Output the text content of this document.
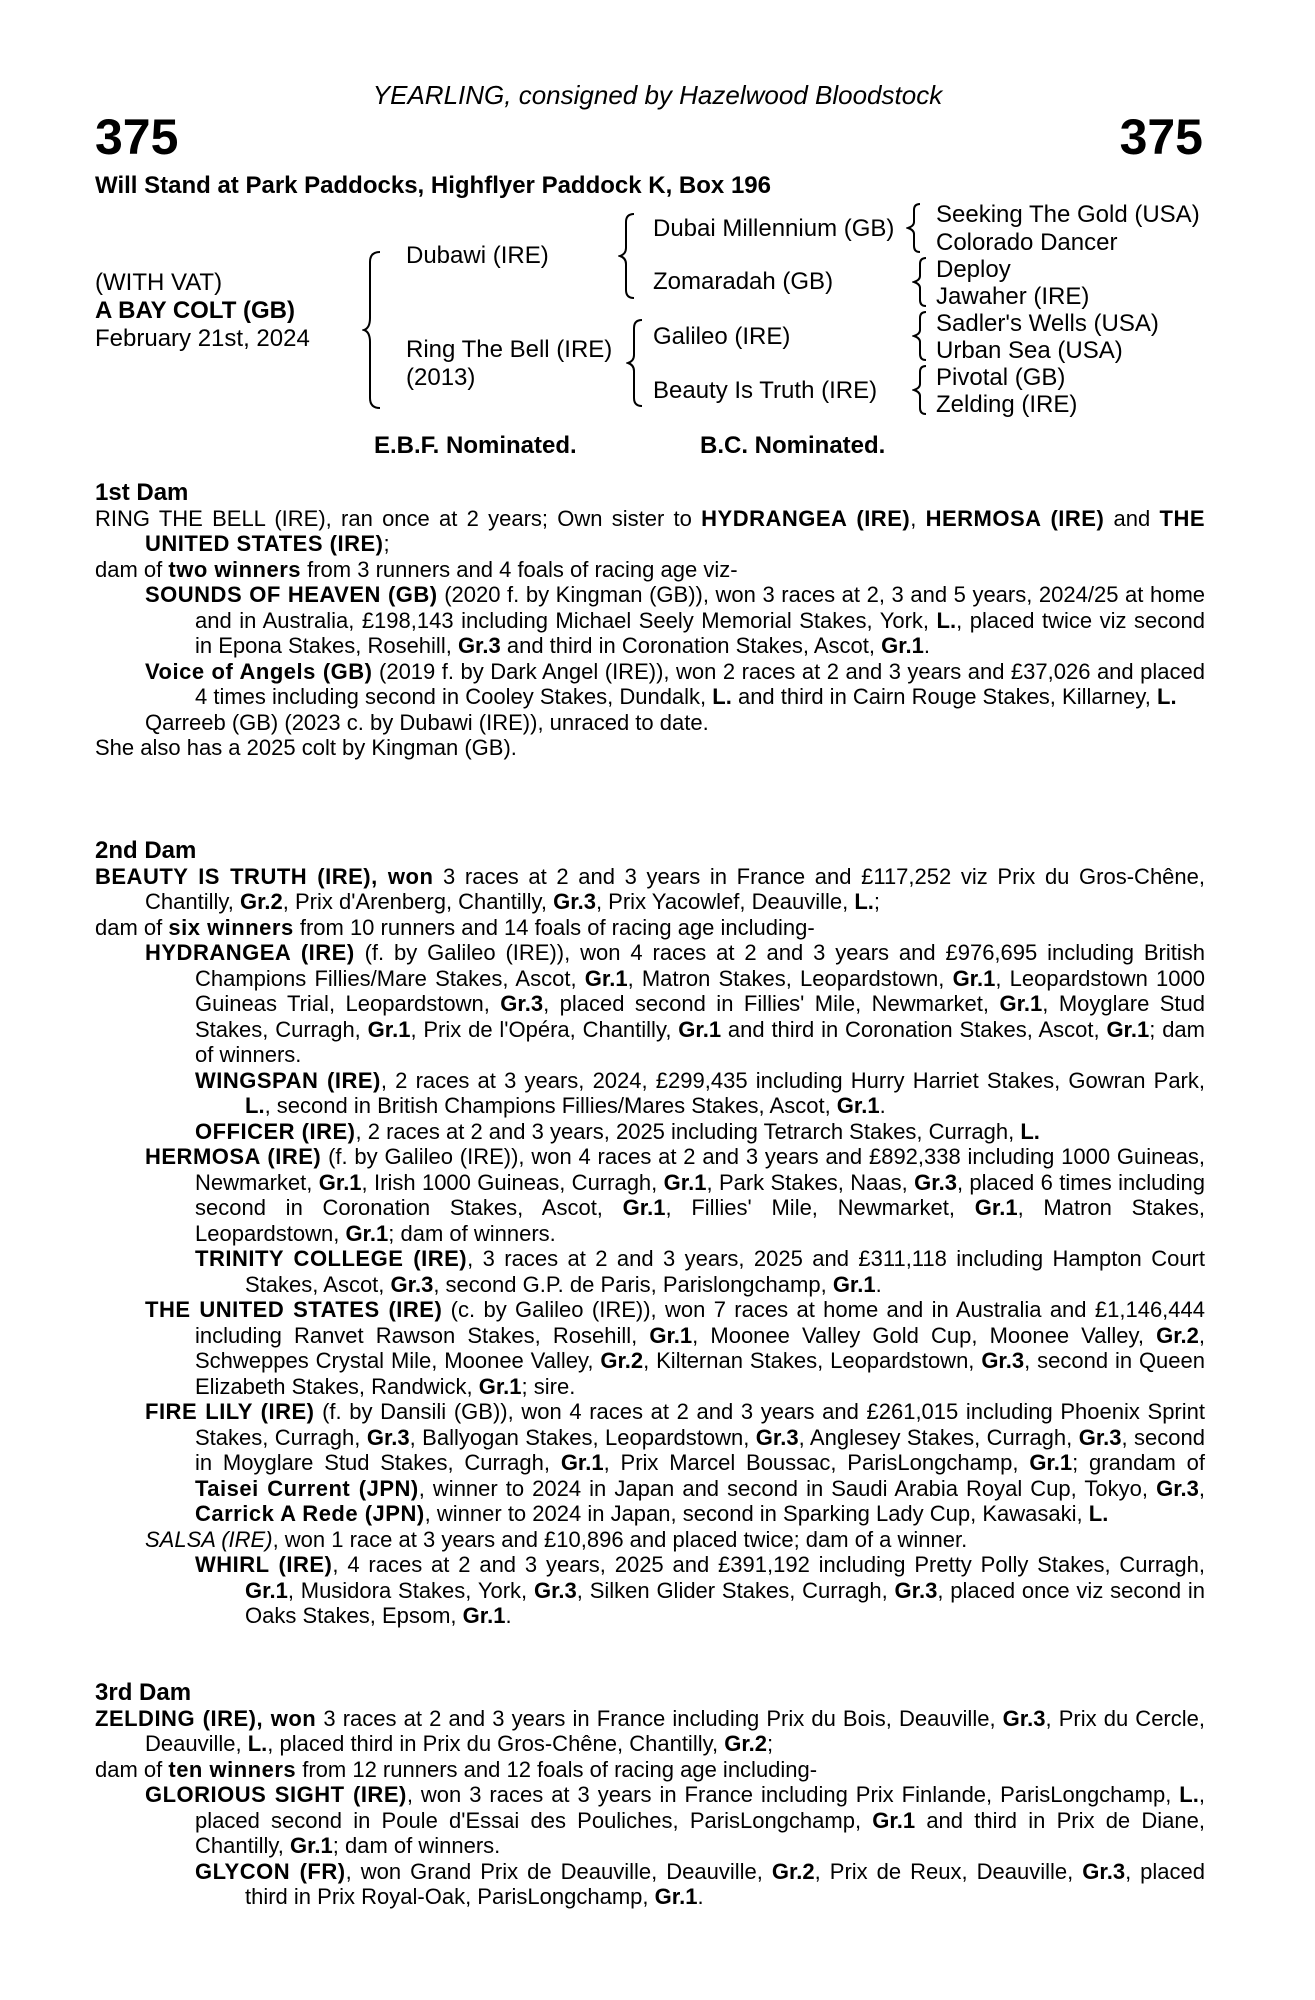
YEARLING, consigned by Hazelwood Bloodstock
375	375
Will Stand at Park Paddocks, Highflyer Paddock K, Box 196
(WITH VAT)
A BAY COLT (GB)
February 21st, 2024
Dubawi (IRE)
Ring The Bell (IRE)
(2013)
Dubai Millennium (GB)
Zomaradah (GB)
Galileo (IRE)
Beauty Is Truth (IRE)
Seeking The Gold (USA)
Colorado Dancer
Deploy
Jawaher (IRE)
Sadler's Wells (USA)
Urban Sea (USA)
Pivotal (GB)
Zelding (IRE)
E.B.F. Nominated.	B.C. Nominated.

1st Dam

RING THE BELL (IRE), ran once at 2 years; Own sister to HYDRANGEA (IRE), HERMOSA (IRE) and THE UNITED STATES (IRE);

dam of two winners from 3 runners and 4 foals of racing age viz-

SOUNDS OF HEAVEN (GB) (2020 f. by Kingman (GB)), won 3 races at 2, 3 and 5 years, 2024/25 at home and in Australia, £198,143 including Michael Seely Memorial Stakes, York, L., placed twice viz second in Epona Stakes, Rosehill, Gr.3 and third in Coronation Stakes, Ascot, Gr.1.

Voice of Angels (GB) (2019 f. by Dark Angel (IRE)), won 2 races at 2 and 3 years and £37,026 and placed 4 times including second in Cooley Stakes, Dundalk, L. and third in Cairn Rouge Stakes, Killarney, L.

Qarreeb (GB) (2023 c. by Dubawi (IRE)), unraced to date.

She also has a 2025 colt by Kingman (GB).

2nd Dam

BEAUTY IS TRUTH (IRE), won 3 races at 2 and 3 years in France and £117,252 viz Prix du Gros-Chêne, Chantilly, Gr.2, Prix d'Arenberg, Chantilly, Gr.3, Prix Yacowlef, Deauville, L.;

dam of six winners from 10 runners and 14 foals of racing age including-

HYDRANGEA (IRE) (f. by Galileo (IRE)), won 4 races at 2 and 3 years and £976,695 including British Champions Fillies/Mare Stakes, Ascot, Gr.1, Matron Stakes, Leopardstown, Gr.1, Leopardstown 1000 Guineas Trial, Leopardstown, Gr.3, placed second in Fillies' Mile, Newmarket, Gr.1, Moyglare Stud Stakes, Curragh, Gr.1, Prix de l'Opéra, Chantilly, Gr.1 and third in Coronation Stakes, Ascot, Gr.1; dam of winners.

WINGSPAN (IRE), 2 races at 3 years, 2024, £299,435 including Hurry Harriet Stakes, Gowran Park, L., second in British Champions Fillies/Mares Stakes, Ascot, Gr.1.

OFFICER (IRE), 2 races at 2 and 3 years, 2025 including Tetrarch Stakes, Curragh, L.

HERMOSA (IRE) (f. by Galileo (IRE)), won 4 races at 2 and 3 years and £892,338 including 1000 Guineas, Newmarket, Gr.1, Irish 1000 Guineas, Curragh, Gr.1, Park Stakes, Naas, Gr.3, placed 6 times including second in Coronation Stakes, Ascot, Gr.1, Fillies' Mile, Newmarket, Gr.1, Matron Stakes, Leopardstown, Gr.1; dam of winners.

TRINITY COLLEGE (IRE), 3 races at 2 and 3 years, 2025 and £311,118 including Hampton Court Stakes, Ascot, Gr.3, second G.P. de Paris, Parislongchamp, Gr.1.

THE UNITED STATES (IRE) (c. by Galileo (IRE)), won 7 races at home and in Australia and £1,146,444 including Ranvet Rawson Stakes, Rosehill, Gr.1, Moonee Valley Gold Cup, Moonee Valley, Gr.2, Schweppes Crystal Mile, Moonee Valley, Gr.2, Kilternan Stakes, Leopardstown, Gr.3, second in Queen Elizabeth Stakes, Randwick, Gr.1; sire.

FIRE LILY (IRE) (f. by Dansili (GB)), won 4 races at 2 and 3 years and £261,015 including Phoenix Sprint Stakes, Curragh, Gr.3, Ballyogan Stakes, Leopardstown, Gr.3, Anglesey Stakes, Curragh, Gr.3, second in Moyglare Stud Stakes, Curragh, Gr.1, Prix Marcel Boussac, ParisLongchamp, Gr.1; grandam of Taisei Current (JPN), winner to 2024 in Japan and second in Saudi Arabia Royal Cup, Tokyo, Gr.3, Carrick A Rede (JPN), winner to 2024 in Japan, second in Sparking Lady Cup, Kawasaki, L.

SALSA (IRE), won 1 race at 3 years and £10,896 and placed twice; dam of a winner.

WHIRL (IRE), 4 races at 2 and 3 years, 2025 and £391,192 including Pretty Polly Stakes, Curragh, Gr.1, Musidora Stakes, York, Gr.3, Silken Glider Stakes, Curragh, Gr.3, placed once viz second in Oaks Stakes, Epsom, Gr.1.

3rd Dam

ZELDING (IRE), won 3 races at 2 and 3 years in France including Prix du Bois, Deauville, Gr.3, Prix du Cercle, Deauville, L., placed third in Prix du Gros-Chêne, Chantilly, Gr.2;

dam of ten winners from 12 runners and 12 foals of racing age including-

GLORIOUS SIGHT (IRE), won 3 races at 3 years in France including Prix Finlande, ParisLongchamp, L., placed second in Poule d'Essai des Pouliches, ParisLongchamp, Gr.1 and third in Prix de Diane, Chantilly, Gr.1; dam of winners.

GLYCON (FR), won Grand Prix de Deauville, Deauville, Gr.2, Prix de Reux, Deauville, Gr.3, placed third in Prix Royal-Oak, ParisLongchamp, Gr.1.
